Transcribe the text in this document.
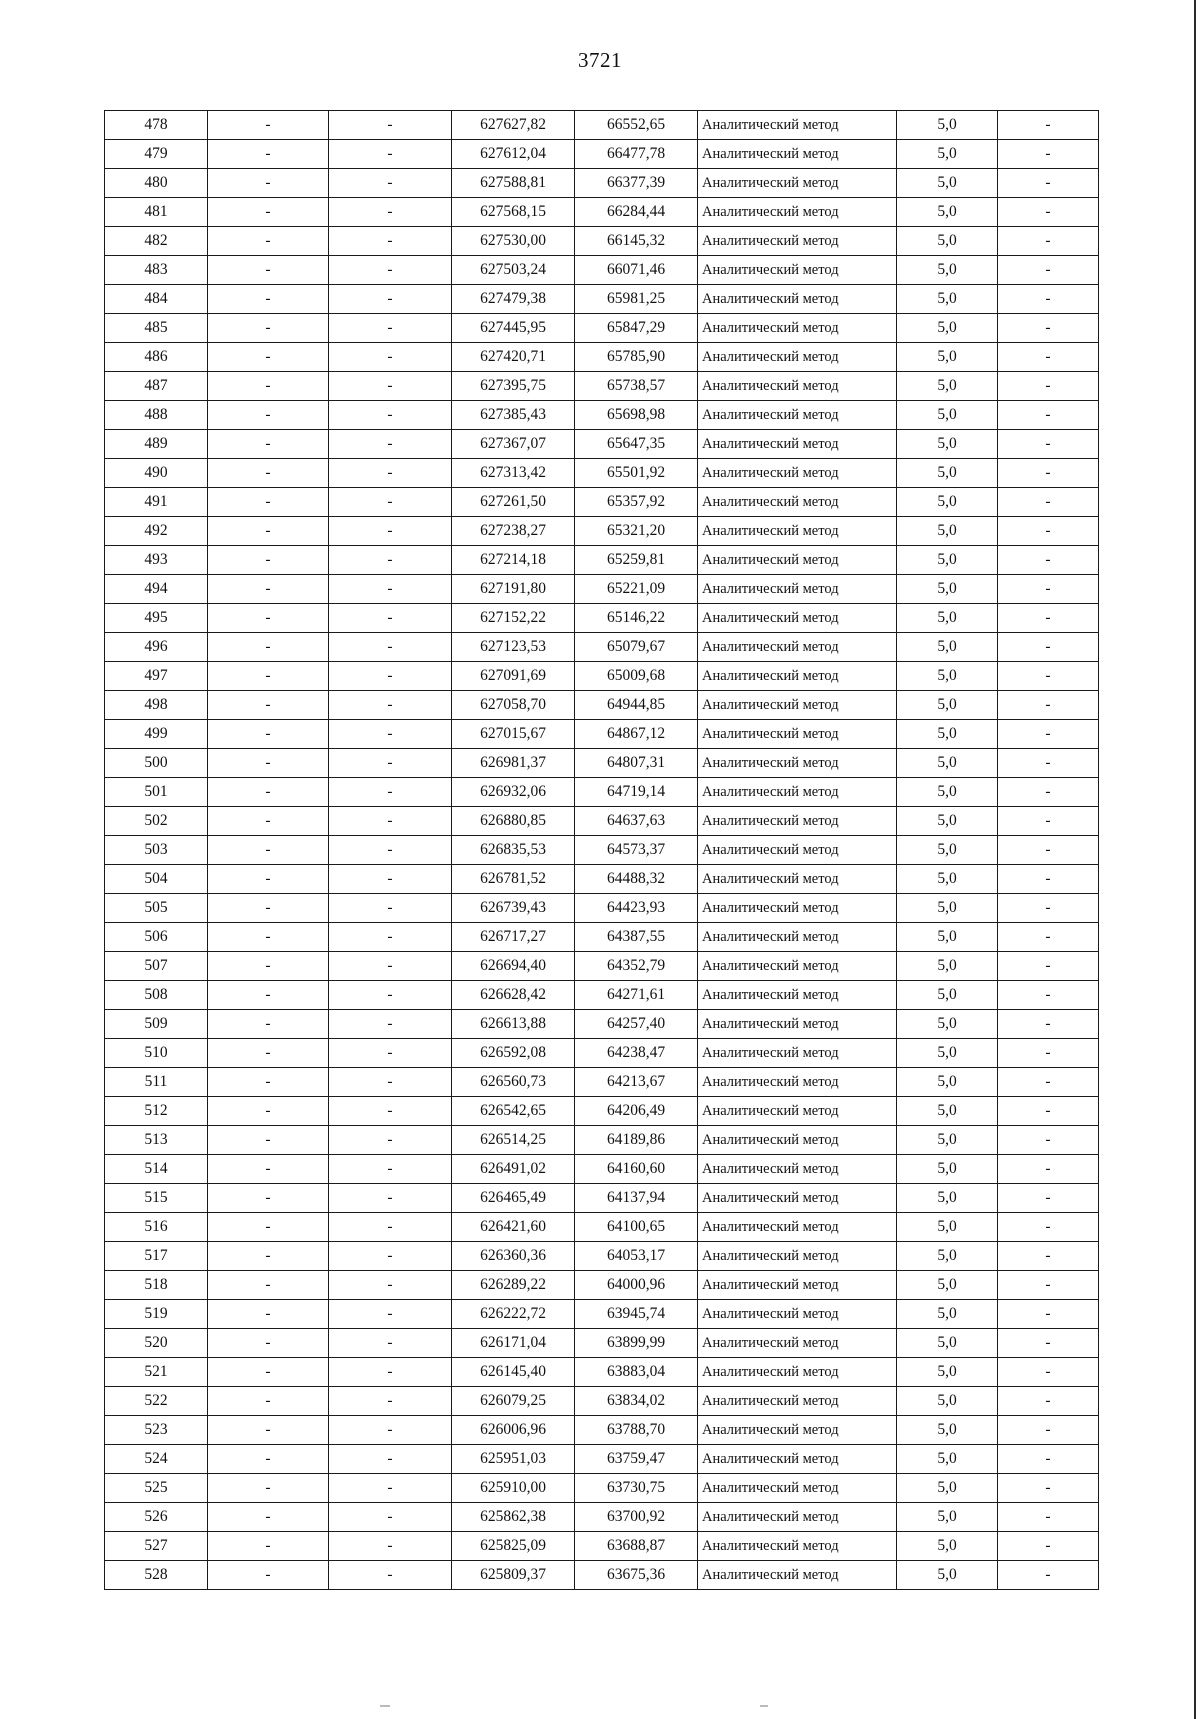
3721
478	-	-	627627,82	66552,65	Аналитический метод	5,0	-
479	-	-	627612,04	66477,78	Аналитический метод	5,0	-
480	-	-	627588,81	66377,39	Аналитический метод	5,0	-
481	-	-	627568,15	66284,44	Аналитический метод	5,0	-
482	-	-	627530,00	66145,32	Аналитический метод	5,0	-
483	-	-	627503,24	66071,46	Аналитический метод	5,0	-
484	-	-	627479,38	65981,25	Аналитический метод	5,0	-
485	-	-	627445,95	65847,29	Аналитический метод	5,0	-
486	-	-	627420,71	65785,90	Аналитический метод	5,0	-
487	-	-	627395,75	65738,57	Аналитический метод	5,0	-
488	-	-	627385,43	65698,98	Аналитический метод	5,0	-
489	-	-	627367,07	65647,35	Аналитический метод	5,0	-
490	-	-	627313,42	65501,92	Аналитический метод	5,0	-
491	-	-	627261,50	65357,92	Аналитический метод	5,0	-
492	-	-	627238,27	65321,20	Аналитический метод	5,0	-
493	-	-	627214,18	65259,81	Аналитический метод	5,0	-
494	-	-	627191,80	65221,09	Аналитический метод	5,0	-
495	-	-	627152,22	65146,22	Аналитический метод	5,0	-
496	-	-	627123,53	65079,67	Аналитический метод	5,0	-
497	-	-	627091,69	65009,68	Аналитический метод	5,0	-
498	-	-	627058,70	64944,85	Аналитический метод	5,0	-
499	-	-	627015,67	64867,12	Аналитический метод	5,0	-
500	-	-	626981,37	64807,31	Аналитический метод	5,0	-
501	-	-	626932,06	64719,14	Аналитический метод	5,0	-
502	-	-	626880,85	64637,63	Аналитический метод	5,0	-
503	-	-	626835,53	64573,37	Аналитический метод	5,0	-
504	-	-	626781,52	64488,32	Аналитический метод	5,0	-
505	-	-	626739,43	64423,93	Аналитический метод	5,0	-
506	-	-	626717,27	64387,55	Аналитический метод	5,0	-
507	-	-	626694,40	64352,79	Аналитический метод	5,0	-
508	-	-	626628,42	64271,61	Аналитический метод	5,0	-
509	-	-	626613,88	64257,40	Аналитический метод	5,0	-
510	-	-	626592,08	64238,47	Аналитический метод	5,0	-
511	-	-	626560,73	64213,67	Аналитический метод	5,0	-
512	-	-	626542,65	64206,49	Аналитический метод	5,0	-
513	-	-	626514,25	64189,86	Аналитический метод	5,0	-
514	-	-	626491,02	64160,60	Аналитический метод	5,0	-
515	-	-	626465,49	64137,94	Аналитический метод	5,0	-
516	-	-	626421,60	64100,65	Аналитический метод	5,0	-
517	-	-	626360,36	64053,17	Аналитический метод	5,0	-
518	-	-	626289,22	64000,96	Аналитический метод	5,0	-
519	-	-	626222,72	63945,74	Аналитический метод	5,0	-
520	-	-	626171,04	63899,99	Аналитический метод	5,0	-
521	-	-	626145,40	63883,04	Аналитический метод	5,0	-
522	-	-	626079,25	63834,02	Аналитический метод	5,0	-
523	-	-	626006,96	63788,70	Аналитический метод	5,0	-
524	-	-	625951,03	63759,47	Аналитический метод	5,0	-
525	-	-	625910,00	63730,75	Аналитический метод	5,0	-
526	-	-	625862,38	63700,92	Аналитический метод	5,0	-
527	-	-	625825,09	63688,87	Аналитический метод	5,0	-
528	-	-	625809,37	63675,36	Аналитический метод	5,0	-
